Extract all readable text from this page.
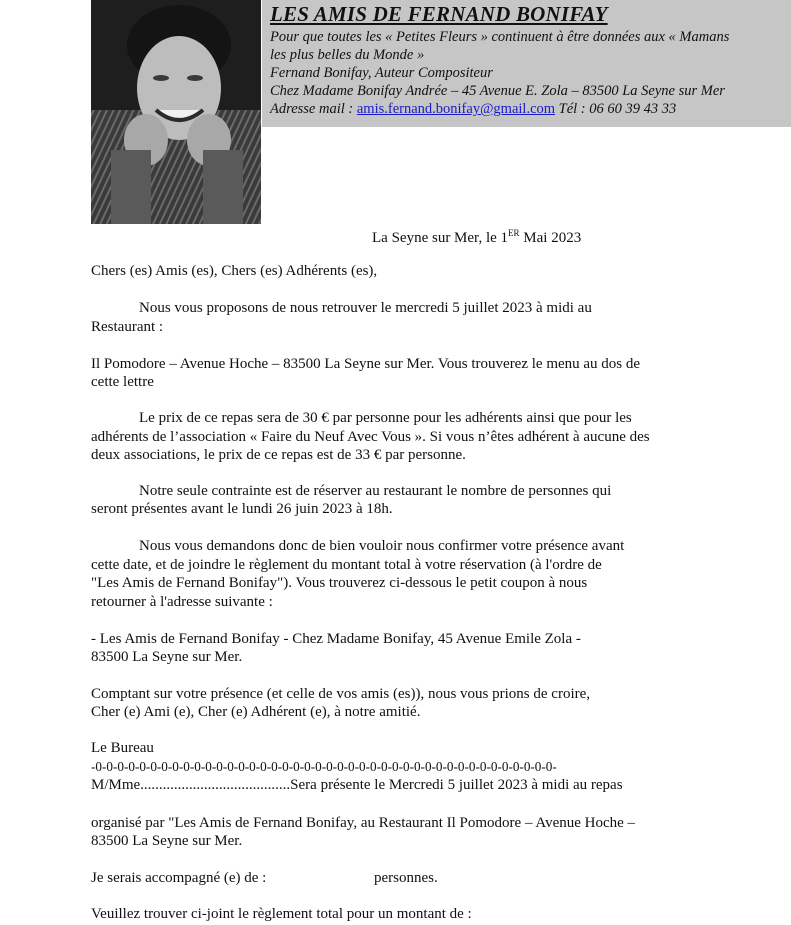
LES AMIS DE FERNAND BONIFAY
Pour que toutes les « Petites Fleurs » continuent à être données aux « Mamans
les plus belles du Monde »
Fernand Bonifay, Auteur Compositeur
Chez Madame Bonifay Andrée – 45 Avenue E. Zola – 83500 La Seyne sur Mer
Adresse mail : amis.fernand.bonifay@gmail.com Tél : 06 60 39 43 33
La Seyne sur Mer, le 1ER Mai 2023
Chers (es) Amis (es), Chers (es) Adhérents (es),
Nous vous proposons de nous retrouver le mercredi 5 juillet 2023 à midi au
Restaurant :
Il Pomodore – Avenue Hoche – 83500 La Seyne sur Mer. Vous trouverez le menu au dos de
cette lettre
Le prix de ce repas sera de 30 € par personne pour les adhérents ainsi que pour les
adhérents de l’association « Faire du Neuf Avec Vous ». Si vous n’êtes adhérent à aucune des
deux associations, le prix de ce repas est de 33 € par personne.
Notre seule contrainte est de réserver au restaurant le nombre de personnes qui
seront présentes avant le lundi 26 juin 2023 à 18h.
Nous vous demandons donc de bien vouloir nous confirmer votre présence avant
cette date, et de joindre le règlement du montant total à votre réservation (à l'ordre de
"Les Amis de Fernand Bonifay"). Vous trouverez ci-dessous le petit coupon à nous
retourner à l'adresse suivante :
- Les Amis de Fernand Bonifay - Chez Madame Bonifay, 45 Avenue Emile Zola -
83500 La Seyne sur Mer.
Comptant sur votre présence (et celle de vos amis (es)), nous vous prions de croire,
Cher (e) Ami (e), Cher (e) Adhérent (e), à notre amitié.
Le Bureau
-0-0-0-0-0-0-0-0-0-0-0-0-0-0-0-0-0-0-0-0-0-0-0-0-0-0-0-0-0-0-0-0-0-0-0-0-0-0-0-0-0-0-
M/Mme........................................Sera présente le Mercredi 5 juillet 2023 à midi au repas
organisé par "Les Amis de Fernand Bonifay, au Restaurant Il Pomodore – Avenue Hoche –
83500 La Seyne sur Mer.
Je serais accompagné (e) de :	personnes.
Veuillez trouver ci-joint le règlement total pour un montant de :
